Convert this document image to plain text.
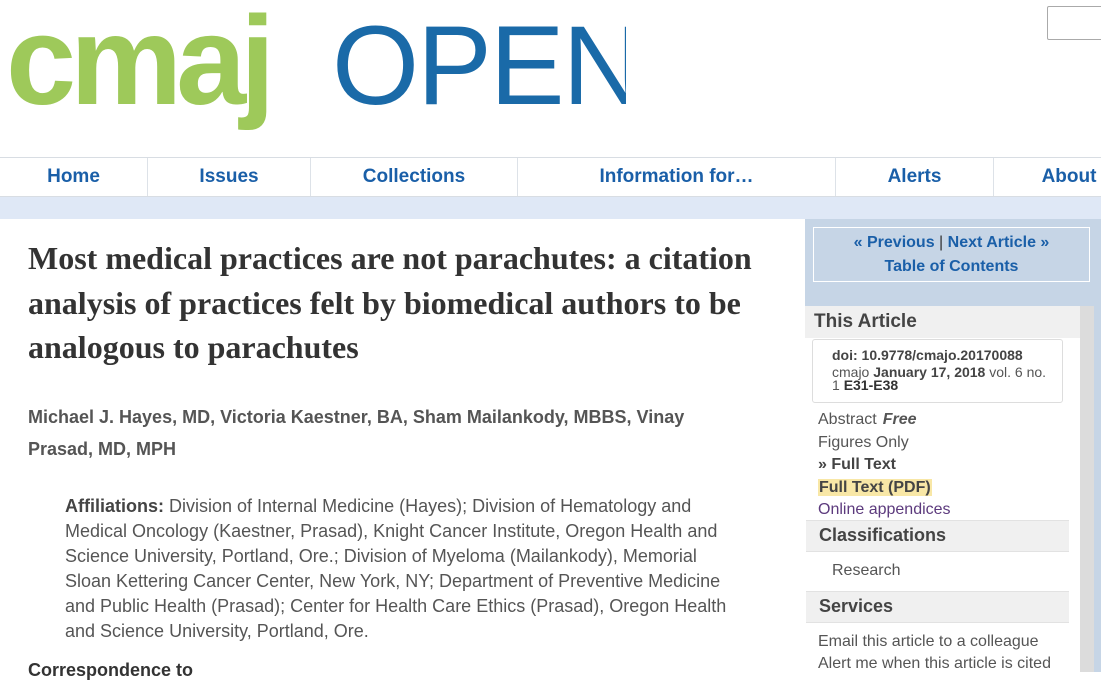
cmaj OPEN
Home	Issues	Collections	Information for…	Alerts	About
Most medical practices are not parachutes: a citation analysis of practices felt by biomedical authors to be analogous to parachutes
Michael J. Hayes, MD, Victoria Kaestner, BA, Sham Mailankody, MBBS, Vinay Prasad, MD, MPH
Affiliations: Division of Internal Medicine (Hayes); Division of Hematology and Medical Oncology (Kaestner, Prasad), Knight Cancer Institute, Oregon Health and Science University, Portland, Ore.; Division of Myeloma (Mailankody), Memorial Sloan Kettering Cancer Center, New York, NY; Department of Preventive Medicine and Public Health (Prasad); Center for Health Care Ethics (Prasad), Oregon Health and Science University, Portland, Ore.
Correspondence to
« Previous | Next Article »
Table of Contents
This Article
doi: 10.9778/cmajo.20170088
cmajo January 17, 2018 vol. 6 no. 1 E31-E38
Abstract Free
Figures Only
» Full Text
Full Text (PDF)
Online appendices
Classifications
Research
Services
Email this article to a colleague
Alert me when this article is cited
